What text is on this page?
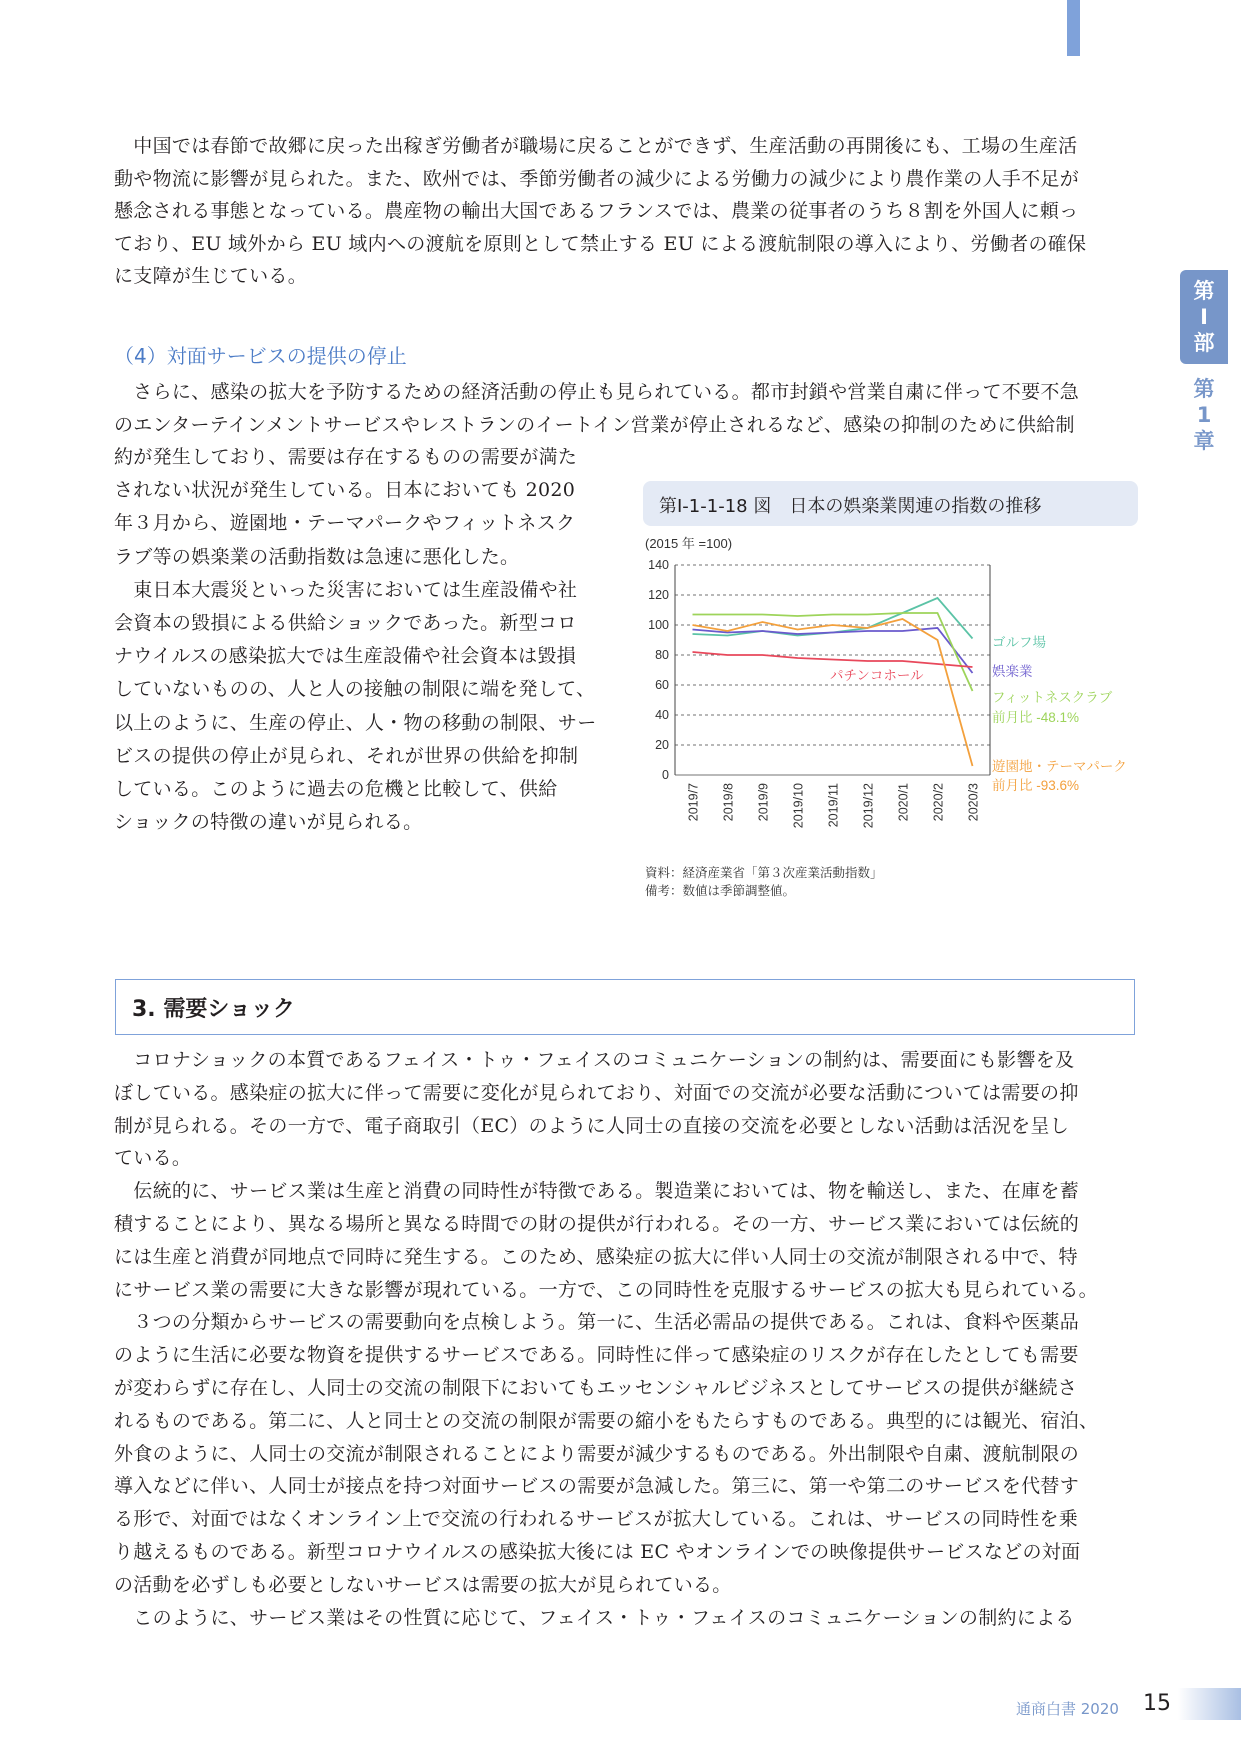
第
Ⅰ
部
第
1
章
　中国では春節で故郷に戻った出稼ぎ労働者が職場に戻ることができず、生産活動の再開後にも、工場の生産活
動や物流に影響が見られた。また、欧州では、季節労働者の減少による労働力の減少により農作業の人手不足が
懸念される事態となっている。農産物の輸出大国であるフランスでは、農業の従事者のうち８割を外国人に頼っ
ており、EU 域外から EU 域内への渡航を原則として禁止する EU による渡航制限の導入により、労働者の確保
に支障が生じている。
（4）対面サービスの提供の停止
　さらに、感染の拡大を予防するための経済活動の停止も見られている。都市封鎖や営業自粛に伴って不要不急
のエンターテインメントサービスやレストランのイートイン営業が停止されるなど、感染の抑制のために供給制
約が発生しており、需要は存在するものの需要が満た
されない状況が発生している。日本においても 2020
年３月から、遊園地・テーマパークやフィットネスク
ラブ等の娯楽業の活動指数は急速に悪化した。
　東日本大震災といった災害においては生産設備や社
会資本の毀損による供給ショックであった。新型コロ
ナウイルスの感染拡大では生産設備や社会資本は毀損
していないものの、人と人の接触の制限に端を発して、
以上のように、生産の停止、人・物の移動の制限、サー
ビスの提供の停止が見られ、それが世界の供給を抑制
している。このように過去の危機と比較して、供給
ショックの特徴の違いが見られる。
第Ⅰ-1-1-18 図　日本の娯楽業関連の指数の推移
(2015 年 =100)
0
20
40
60
80
100
120
140
2019/7 2019/8 2019/9 2019/10 2019/11 2019/12 2020/1 2020/2 2020/3
ゴルフ場
娯楽業
パチンコホール
フィットネスクラブ
前月比 -48.1%
遊園地・テーマパーク
前月比 -93.6%
資料：経済産業省「第３次産業活動指数」
備考：数値は季節調整値。
3. 需要ショック
　コロナショックの本質であるフェイス・トゥ・フェイスのコミュニケーションの制約は、需要面にも影響を及
ぼしている。感染症の拡大に伴って需要に変化が見られており、対面での交流が必要な活動については需要の抑
制が見られる。その一方で、電子商取引（EC）のように人同士の直接の交流を必要としない活動は活況を呈し
ている。
　伝統的に、サービス業は生産と消費の同時性が特徴である。製造業においては、物を輸送し、また、在庫を蓄
積することにより、異なる場所と異なる時間での財の提供が行われる。その一方、サービス業においては伝統的
には生産と消費が同地点で同時に発生する。このため、感染症の拡大に伴い人同士の交流が制限される中で、特
にサービス業の需要に大きな影響が現れている。一方で、この同時性を克服するサービスの拡大も見られている。
　３つの分類からサービスの需要動向を点検しよう。第一に、生活必需品の提供である。これは、食料や医薬品
のように生活に必要な物資を提供するサービスである。同時性に伴って感染症のリスクが存在したとしても需要
が変わらずに存在し、人同士の交流の制限下においてもエッセンシャルビジネスとしてサービスの提供が継続さ
れるものである。第二に、人と同士との交流の制限が需要の縮小をもたらすものである。典型的には観光、宿泊、
外食のように、人同士の交流が制限されることにより需要が減少するものである。外出制限や自粛、渡航制限の
導入などに伴い、人同士が接点を持つ対面サービスの需要が急減した。第三に、第一や第二のサービスを代替す
る形で、対面ではなくオンライン上で交流の行われるサービスが拡大している。これは、サービスの同時性を乗
り越えるものである。新型コロナウイルスの感染拡大後には EC やオンラインでの映像提供サービスなどの対面
の活動を必ずしも必要としないサービスは需要の拡大が見られている。
　このように、サービス業はその性質に応じて、フェイス・トゥ・フェイスのコミュニケーションの制約による
通商白書 2020 15
